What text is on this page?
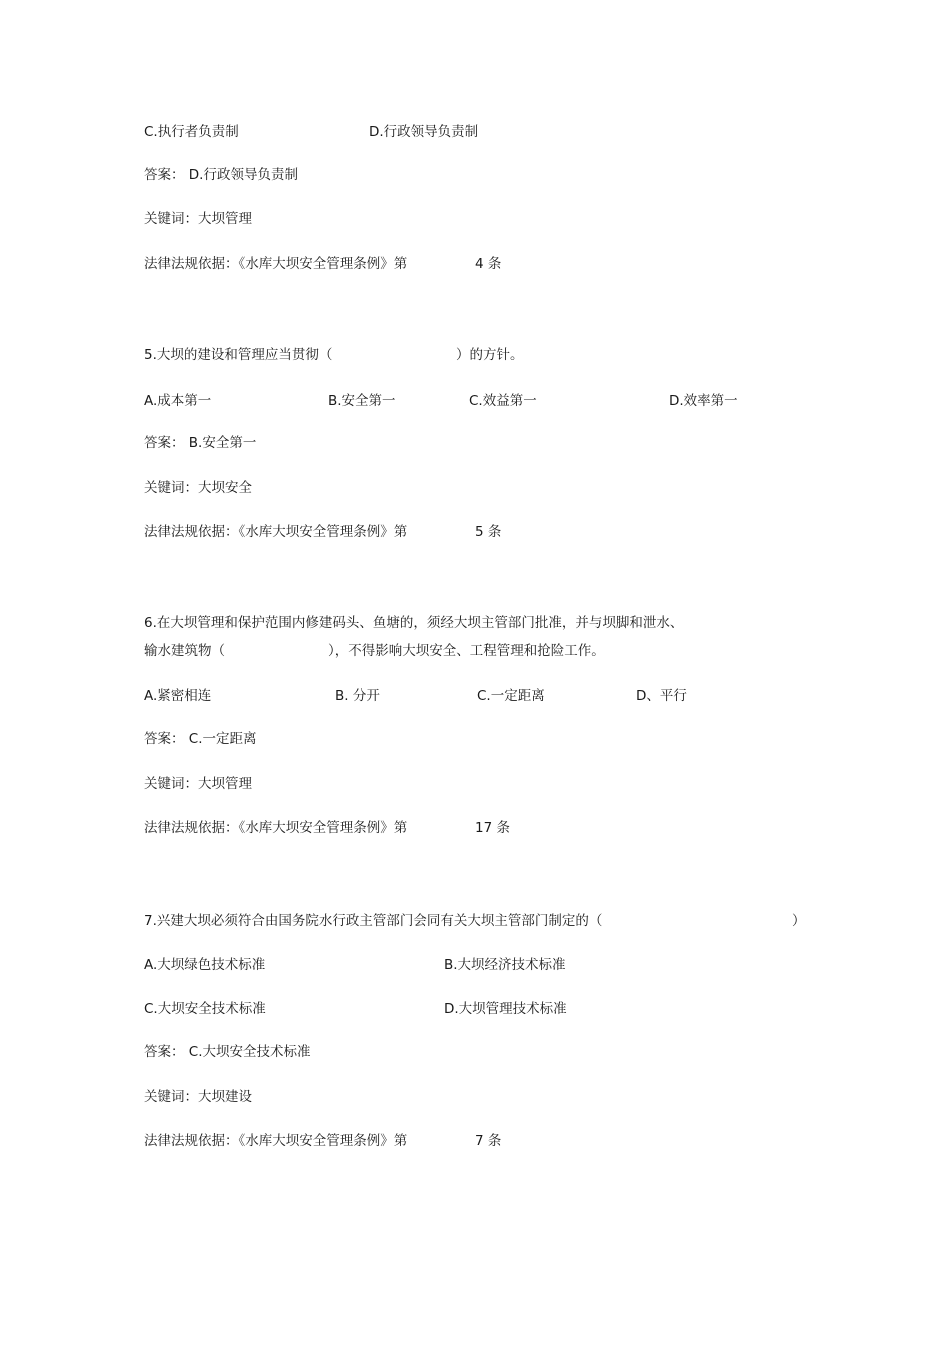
C.执行者负责制	D.行政领导负责制
答案： D.行政领导负责制
关键词：大坝管理
法律法规依据：《水库大坝安全管理条例》第	4 条
5.大坝的建设和管理应当贯彻（	）的方针。
A.成本第一	B.安全第一	C.效益第一	D.效率第一
答案： B.安全第一
关键词：大坝安全
法律法规依据：《水库大坝安全管理条例》第	5 条
6.在大坝管理和保护范围内修建码头、鱼塘的，须经大坝主管部门批准，并与坝脚和泄水、
输水建筑物（	），不得影响大坝安全、工程管理和抢险工作。
A.紧密相连	B. 分开	C.一定距离	D、平行
答案： C.一定距离
关键词：大坝管理
法律法规依据：《水库大坝安全管理条例》第	17 条
7.兴建大坝必须符合由国务院水行政主管部门会同有关大坝主管部门制定的（	）
A.大坝绿色技术标准	B.大坝经济技术标准
C.大坝安全技术标准	D.大坝管理技术标准
答案： C.大坝安全技术标准
关键词：大坝建设
法律法规依据：《水库大坝安全管理条例》第	7 条
